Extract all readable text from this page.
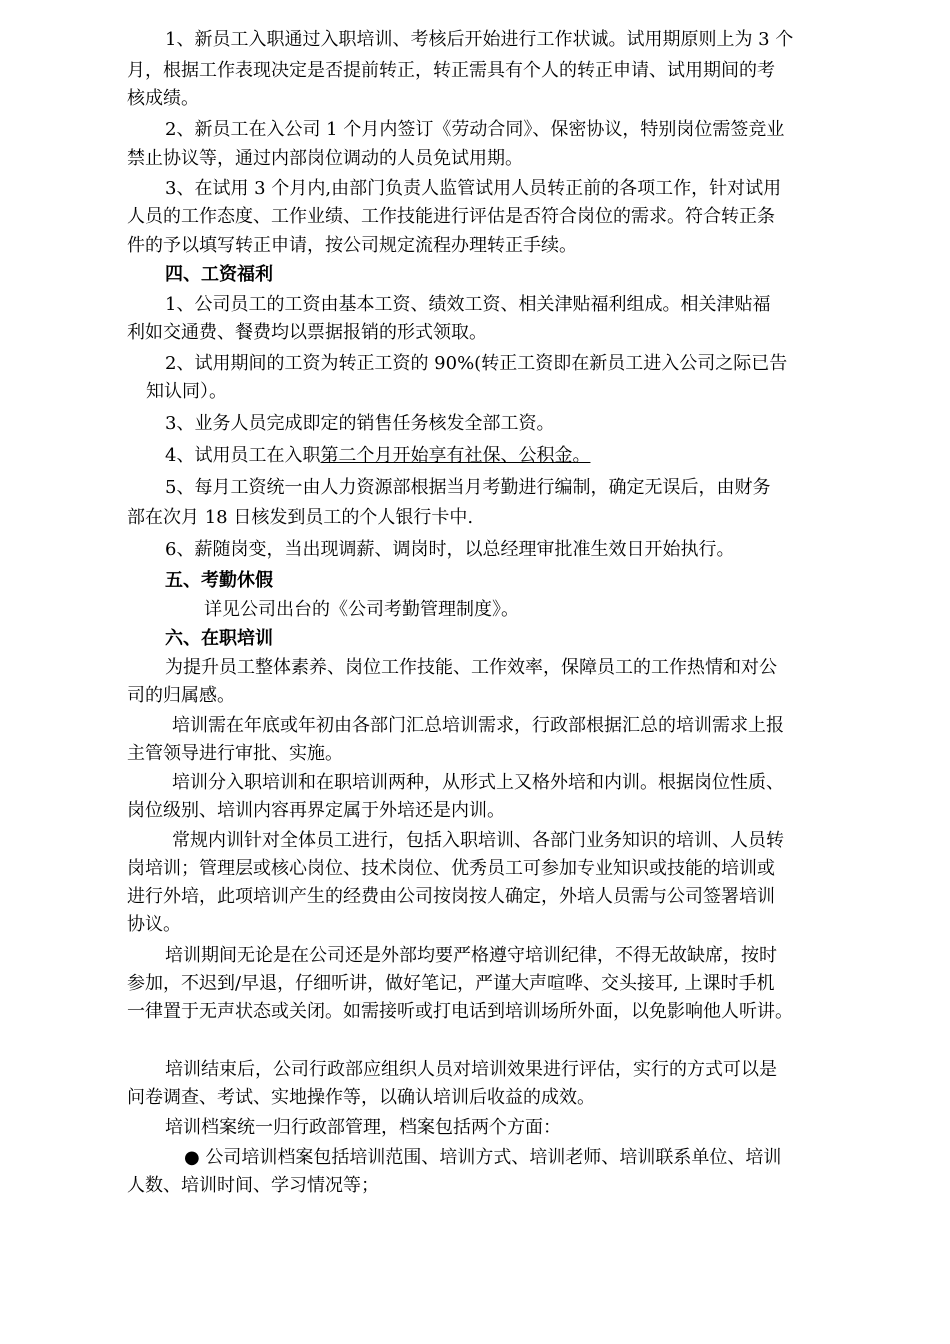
1、新员工入职通过入职培训、考核后开始进行工作状诚。试用期原则上为 3 个
月，根据工作表现决定是否提前转正，转正需具有个人的转正申请、试用期间的考
核成绩。
2、新员工在入公司 1 个月内签订《劳动合同》、保密协议，特别岗位需签竞业
禁止协议等，通过内部岗位调动的人员免试用期。
3、在试用 3 个月内,由部门负责人监管试用人员转正前的各项工作，针对试用
人员的工作态度、工作业绩、工作技能进行评估是否符合岗位的需求。符合转正条
件的予以填写转正申请，按公司规定流程办理转正手续。
四、工资福利
1、公司员工的工资由基本工资、绩效工资、相关津贴福利组成。相关津贴福
利如交通费、餐费均以票据报销的形式领取。
2、试用期间的工资为转正工资的 90%(转正工资即在新员工进入公司之际已告
知认同）。
3、业务人员完成即定的销售任务核发全部工资。
4、试用员工在入职第二个月开始享有社保、公积金。
5、每月工资统一由人力资源部根据当月考勤进行编制，确定无误后，由财务
部在次月 18 日核发到员工的个人银行卡中.
6、薪随岗变，当出现调薪、调岗时，以总经理审批准生效日开始执行。
五、考勤休假
详见公司出台的《公司考勤管理制度》。
六、在职培训
为提升员工整体素养、岗位工作技能、工作效率，保障员工的工作热情和对公
司的归属感。
培训需在年底或年初由各部门汇总培训需求，行政部根据汇总的培训需求上报
主管领导进行审批、实施。
培训分入职培训和在职培训两种，从形式上又格外培和内训。根据岗位性质、
岗位级别、培训内容再界定属于外培还是内训。
常规内训针对全体员工进行，包括入职培训、各部门业务知识的培训、人员转
岗培训；管理层或核心岗位、技术岗位、优秀员工可参加专业知识或技能的培训或
进行外培，此项培训产生的经费由公司按岗按人确定，外培人员需与公司签署培训
协议。
培训期间无论是在公司还是外部均要严格遵守培训纪律，不得无故缺席，按时
参加，不迟到/早退，仔细听讲，做好笔记，严谨大声喧哗、交头接耳, 上课时手机
一律置于无声状态或关闭。如需接听或打电话到培训场所外面，以免影响他人听讲。
培训结束后，公司行政部应组织人员对培训效果进行评估，实行的方式可以是
问卷调查、考试、实地操作等，以确认培训后收益的成效。
培训档案统一归行政部管理，档案包括两个方面：
● 公司培训档案包括培训范围、培训方式、培训老师、培训联系单位、培训
人数、培训时间、学习情况等；
